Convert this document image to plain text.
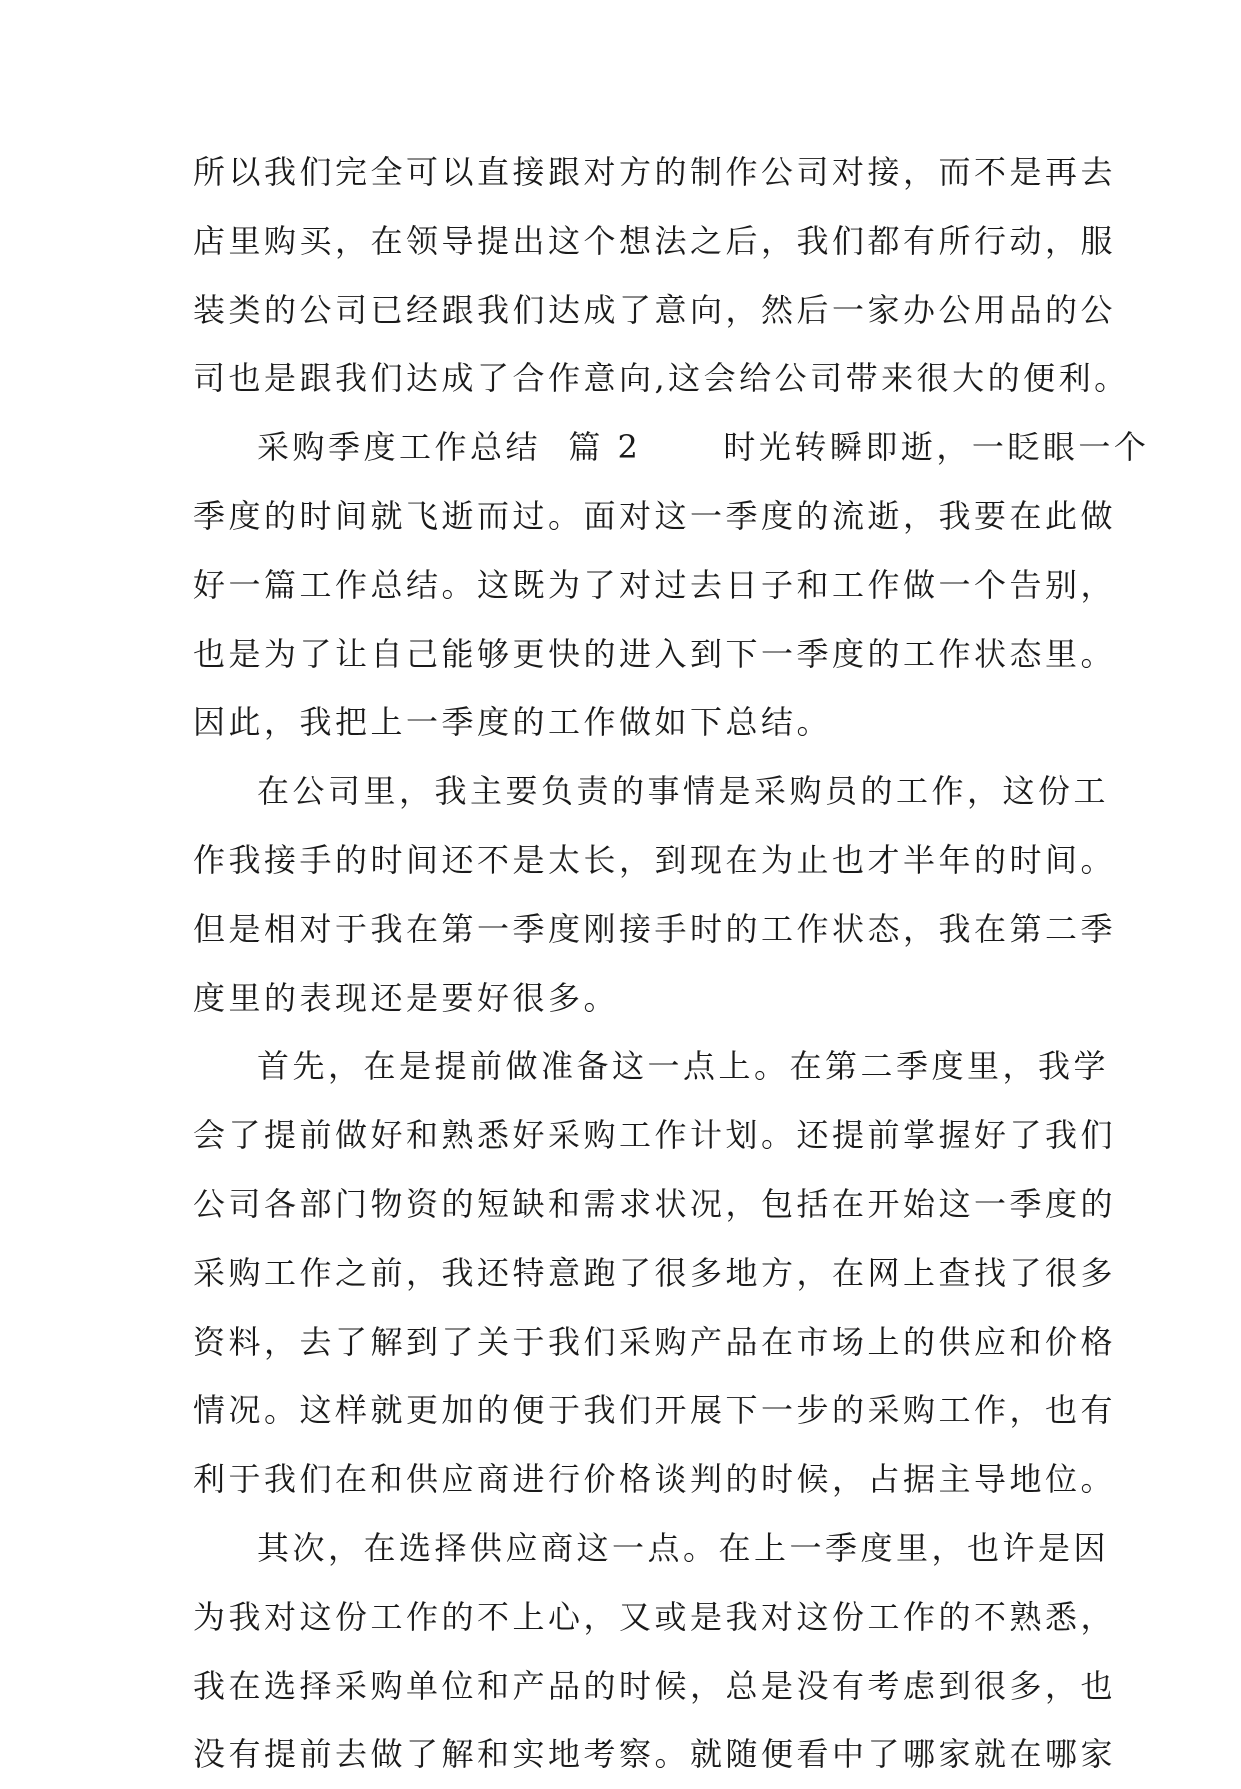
所以我们完全可以直接跟对方的制作公司对接，而不是再去
店里购买，在领导提出这个想法之后，我们都有所行动，服
装类的公司已经跟我们达成了意向，然后一家办公用品的公
司也是跟我们达成了合作意向,这会给公司带来很大的便利。
采购季度工作总结  篇 2      时光转瞬即逝，一眨眼一个
季度的时间就飞逝而过。面对这一季度的流逝，我要在此做
好一篇工作总结。这既为了对过去日子和工作做一个告别，
也是为了让自己能够更快的进入到下一季度的工作状态里。
因此，我把上一季度的工作做如下总结。
在公司里，我主要负责的事情是采购员的工作，这份工
作我接手的时间还不是太长，到现在为止也才半年的时间。
但是相对于我在第一季度刚接手时的工作状态，我在第二季
度里的表现还是要好很多。
首先，在是提前做准备这一点上。在第二季度里，我学
会了提前做好和熟悉好采购工作计划。还提前掌握好了我们
公司各部门物资的短缺和需求状况，包括在开始这一季度的
采购工作之前，我还特意跑了很多地方，在网上查找了很多
资料，去了解到了关于我们采购产品在市场上的供应和价格
情况。这样就更加的便于我们开展下一步的采购工作，也有
利于我们在和供应商进行价格谈判的时候，占据主导地位。
其次，在选择供应商这一点。在上一季度里，也许是因
为我对这份工作的不上心，又或是我对这份工作的不熟悉，
我在选择采购单位和产品的时候，总是没有考虑到很多，也
没有提前去做了解和实地考察。就随便看中了哪家就在哪家
